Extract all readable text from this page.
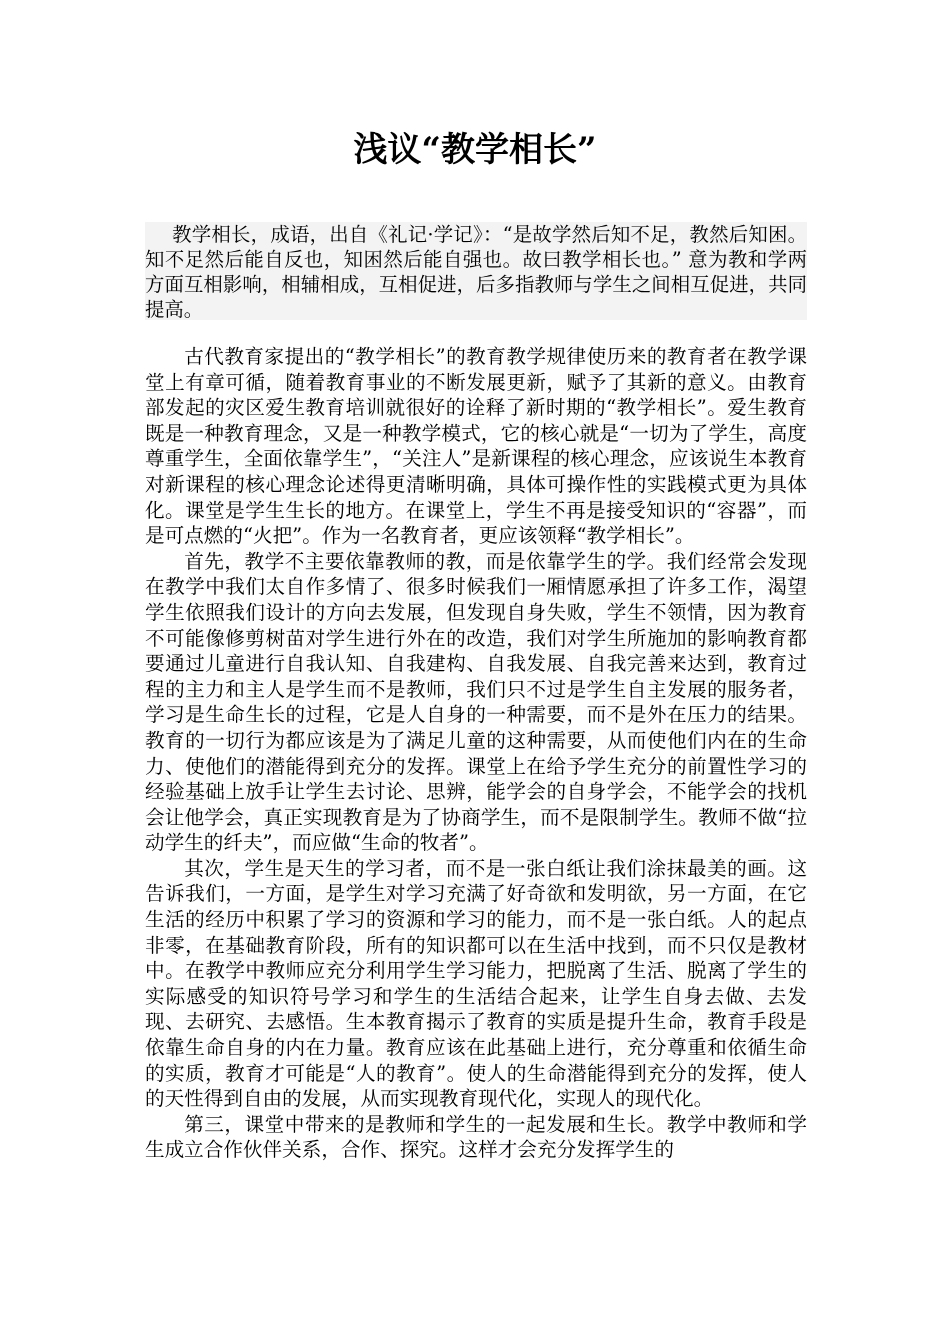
浅议“教学相长”

教学相长，成语，出自《礼记·学记》：“是故学然后知不足，教然后知困。知不足然后能自反也，知困然后能自强也。故曰教学相长也。” 意为教和学两方面互相影响，相辅相成，互相促进，后多指教师与学生之间相互促进，共同提高。

古代教育家提出的“教学相长”的教育教学规律使历来的教育者在教学课堂上有章可循，随着教育事业的不断发展更新，赋予了其新的意义。由教育部发起的灾区爱生教育培训就很好的诠释了新时期的“教学相长”。爱生教育既是一种教育理念，又是一种教学模式，它的核心就是“一切为了学生，高度尊重学生，全面依靠学生”，“关注人”是新课程的核心理念，应该说生本教育对新课程的核心理念论述得更清晰明确，具体可操作性的实践模式更为具体化。课堂是学生生长的地方。在课堂上，学生不再是接受知识的“容器”，而是可点燃的“火把”。作为一名教育者，更应该领释“教学相长”。

首先，教学不主要依靠教师的教，而是依靠学生的学。我们经常会发现在教学中我们太自作多情了、很多时候我们一厢情愿承担了许多工作，渴望学生依照我们设计的方向去发展，但发现自身失败，学生不领情，因为教育不可能像修剪树苗对学生进行外在的改造，我们对学生所施加的影响教育都要通过儿童进行自我认知、自我建构、自我发展、自我完善来达到，教育过程的主力和主人是学生而不是教师，我们只不过是学生自主发展的服务者，学习是生命生长的过程，它是人自身的一种需要，而不是外在压力的结果。教育的一切行为都应该是为了满足儿童的这种需要，从而使他们内在的生命力、使他们的潜能得到充分的发挥。课堂上在给予学生充分的前置性学习的经验基础上放手让学生去讨论、思辨，能学会的自身学会，不能学会的找机会让他学会，真正实现教育是为了协商学生，而不是限制学生。教师不做“拉动学生的纤夫”，而应做“生命的牧者”。

其次，学生是天生的学习者，而不是一张白纸让我们涂抹最美的画。这告诉我们，一方面，是学生对学习充满了好奇欲和发明欲，另一方面，在它生活的经历中积累了学习的资源和学习的能力，而不是一张白纸。人的起点非零，在基础教育阶段，所有的知识都可以在生活中找到，而不只仅是教材中。在教学中教师应充分利用学生学习能力，把脱离了生活、脱离了学生的实际感受的知识符号学习和学生的生活结合起来，让学生自身去做、去发现、去研究、去感悟。生本教育揭示了教育的实质是提升生命，教育手段是依靠生命自身的内在力量。教育应该在此基础上进行，充分尊重和依循生命的实质，教育才可能是“人的教育”。使人的生命潜能得到充分的发挥，使人的天性得到自由的发展，从而实现教育现代化，实现人的现代化。

第三，课堂中带来的是教师和学生的一起发展和生长。教学中教师和学生成立合作伙伴关系，合作、探究。这样才会充分发挥学生的
